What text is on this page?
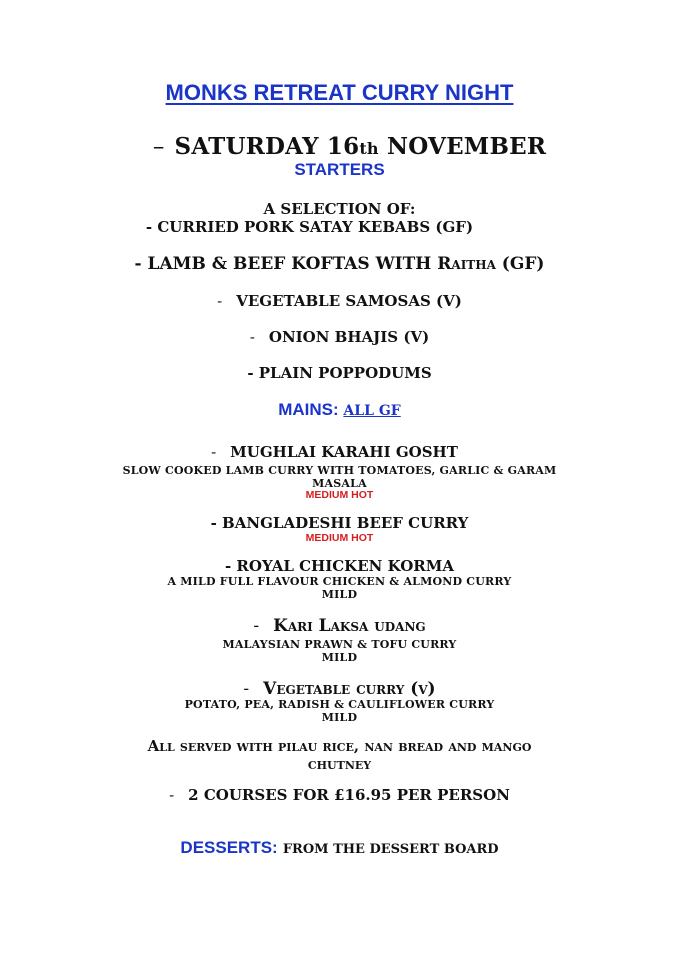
MONKS RETREAT CURRY NIGHT
– SATURDAY 16th NOVEMBER
STARTERS
A SELECTION OF:
- CURRIED PORK SATAY KEBABS (GF)
- LAMB & BEEF KOFTAS WITH Raitha (GF)
- VEGETABLE SAMOSAS (V)
- ONION BHAJIS (V)
- PLAIN POPPODUMS
MAINS: ALL GF
- MUGHLAI KARAHI GOSHT
SLOW COOKED LAMB CURRY WITH TOMATOES, GARLIC & GARAM
MASALA
MEDIUM HOT
- BANGLADESHI BEEF CURRY
MEDIUM HOT
- ROYAL CHICKEN KORMA
A MILD FULL FLAVOUR CHICKEN & ALMOND CURRY
MILD
- Kari Laksa udang
MALAYSIAN PRAWN & TOFU CURRY
MILD
- Vegetable curry (v)
POTATO, PEA, RADISH & CAULIFLOWER CURRY
MILD
All served with pilau rice, nan bread and mango
chutney
- 2 COURSES FOR £16.95 PER PERSON
DESSERTS: FROM THE DESSERT BOARD
